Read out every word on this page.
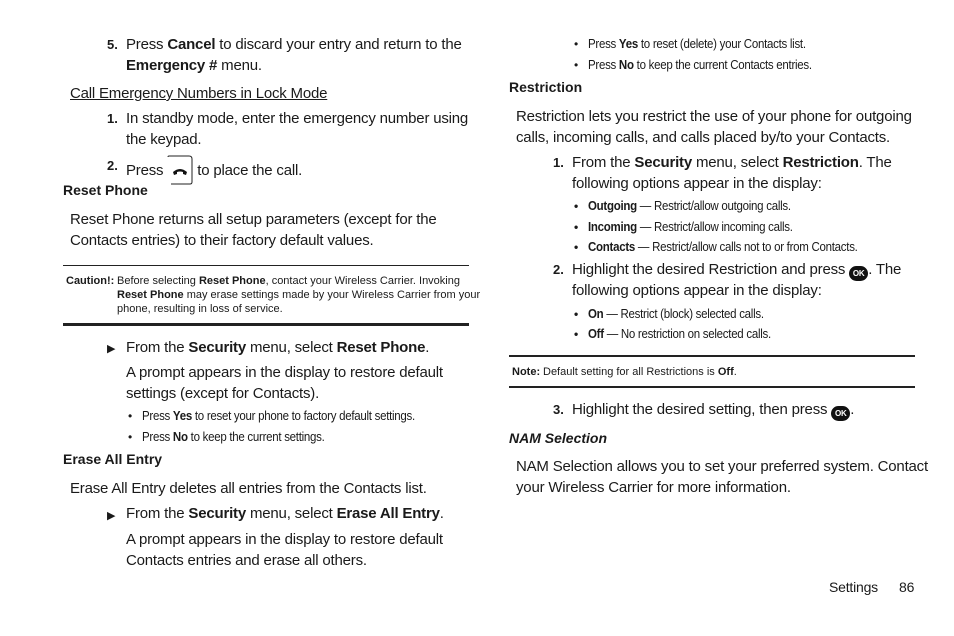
5. Press Cancel to discard your entry and return to the
Emergency # menu.
Call Emergency Numbers in Lock Mode
1. In standby mode, enter the emergency number using
the keypad.
2. Press to place the call.
Reset Phone
Reset Phone returns all setup parameters (except for the
Contacts entries) to their factory default values.
Caution!: Before selecting Reset Phone, contact your Wireless Carrier. Invoking
Reset Phone may erase settings made by your Wireless Carrier from your
phone, resulting in loss of service.
▶ From the Security menu, select Reset Phone.
A prompt appears in the display to restore default
settings (except for Contacts).
• Press Yes to reset your phone to factory default settings.
• Press No to keep the current settings.
Erase All Entry
Erase All Entry deletes all entries from the Contacts list.
▶ From the Security menu, select Erase All Entry.
A prompt appears in the display to restore default
Contacts entries and erase all others.
• Press Yes to reset (delete) your Contacts list.
• Press No to keep the current Contacts entries.
Restriction
Restriction lets you restrict the use of your phone for outgoing
calls, incoming calls, and calls placed by/to your Contacts.
1. From the Security menu, select Restriction. The
following options appear in the display:
• Outgoing — Restrict/allow outgoing calls.
• Incoming — Restrict/allow incoming calls.
• Contacts — Restrict/allow calls not to or from Contacts.
2. Highlight the desired Restriction and press OK . The
following options appear in the display:
• On — Restrict (block) selected calls.
• Off — No restriction on selected calls.
Note: Default setting for all Restrictions is Off.
3. Highlight the desired setting, then press OK .
NAM Selection
NAM Selection allows you to set your preferred system. Contact
your Wireless Carrier for more information.
Settings 86
